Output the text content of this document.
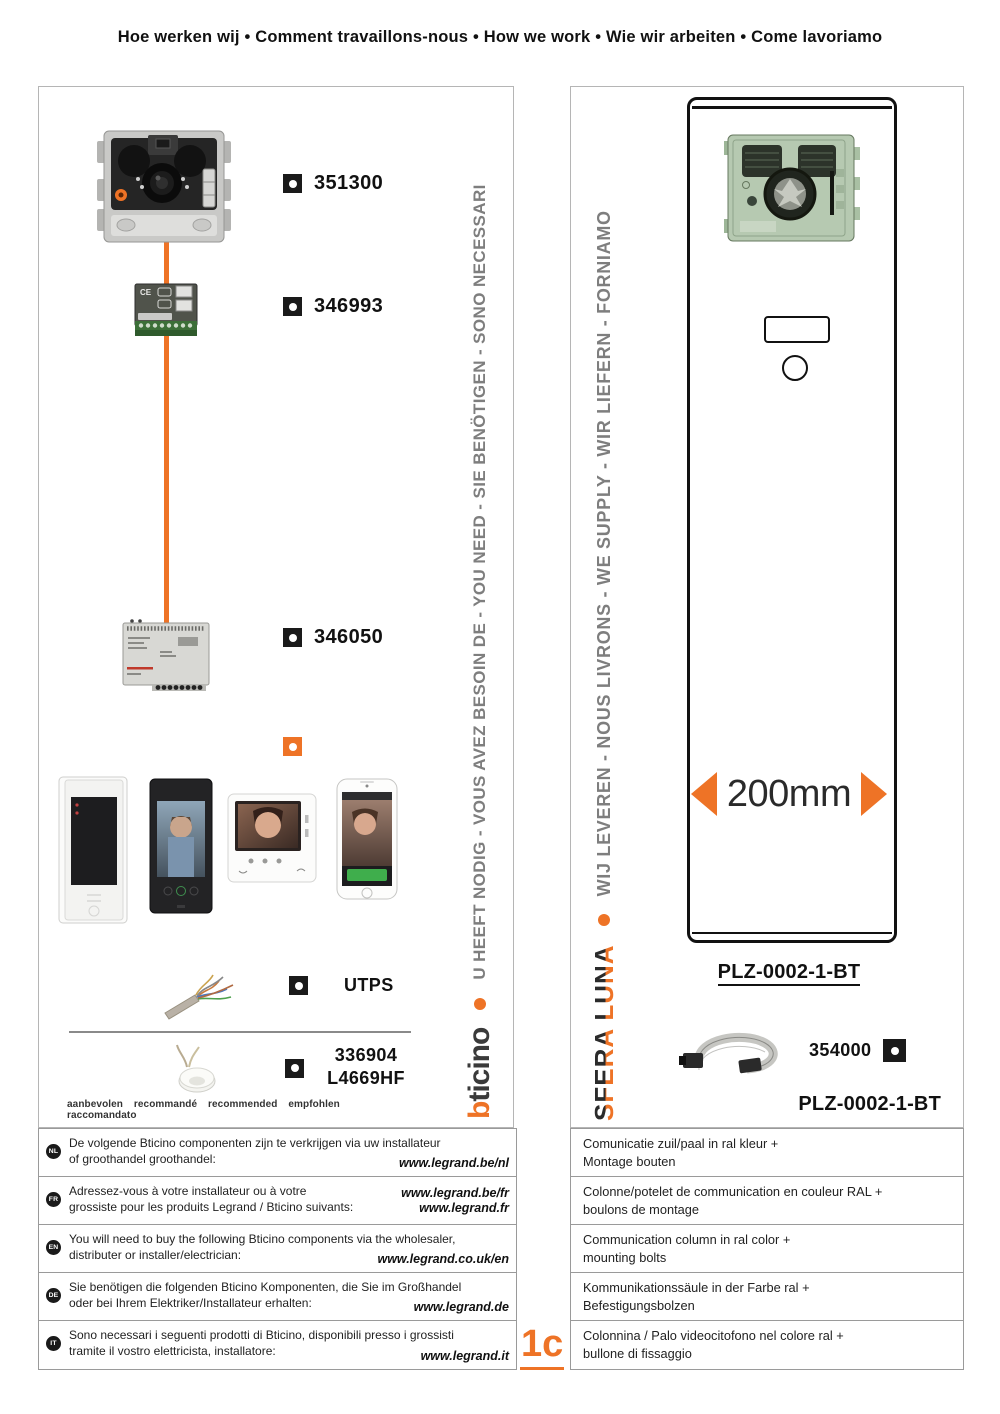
Hoe werken wij • Comment travaillons-nous • How we work • Wie wir arbeiten • Come lavoriamo
351300
CE
346993
346050
UTPS
336904
L4669HF
aanbevolen recommandé recommended empfohlen raccomandato	bticino
U HEEFT NODIG - VOUS AVEZ BESOIN DE - YOU NEED - SIE BENÖTIGEN - SONO NECESSARI	200mm
PLZ-0002-1-BT
354000
PLZ-0002-1-BT
SFERA LUNA
WIJ LEVEREN - NOUS LIVRONS - WE SUPPLY - WIR LIEFERN - FORNIAMO
NL
De volgende Bticino componenten zijn te verkrijgen via uw installateur
of groothandel groothandel:	www.legrand.be/nl
FR
Adressez-vous à votre installateur ou à votre
grossiste pour les produits Legrand / Bticino suivants:
www.legrand.be/fr
www.legrand.fr
EN
You will need to buy the following Bticino components via the wholesaler,
distributer or installer/electrician:	www.legrand.co.uk/en
DE
Sie benötigen die folgenden Bticino Komponenten, die Sie im Großhandel
oder bei Ihrem Elektriker/Installateur erhalten:	www.legrand.de
IT
Sono necessari i seguenti prodotti di Bticino, disponibili presso i grossisti
tramite il vostro elettricista, installatore:	www.legrand.it 1c
Comunicatie zuil/paal in ral kleur +
Montage bouten
Colonne/potelet de communication en couleur RAL +
boulons de montage
Communication column in ral color +
mounting bolts
Kommunikationssäule in der Farbe ral +
Befestigungsbolzen
Colonnina / Palo videocitofono nel colore ral +
bullone di fissaggio
